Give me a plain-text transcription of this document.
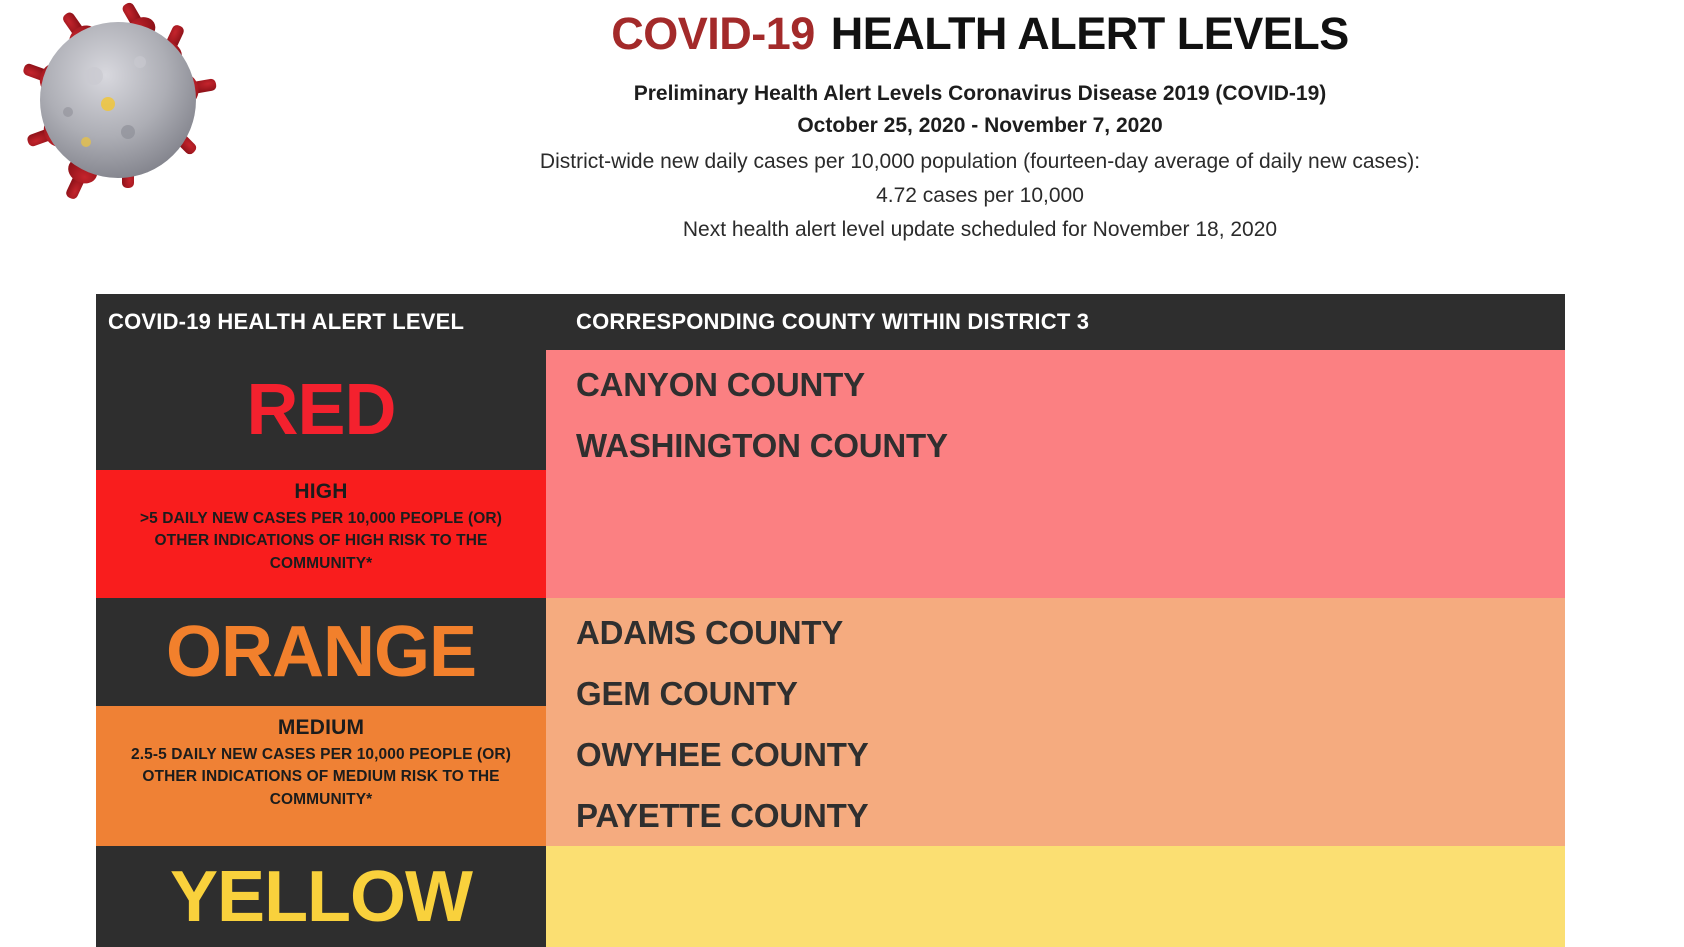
COVID-19 HEALTH ALERT LEVELS
Preliminary Health Alert Levels Coronavirus Disease 2019 (COVID-19)
October 25, 2020 - November 7, 2020
District-wide new daily cases per 10,000 population (fourteen-day average of daily new cases):
4.72 cases per 10,000
Next health alert level update scheduled for November 18, 2020
COVID-19 HEALTH ALERT LEVEL	CORRESPONDING COUNTY WITHIN DISTRICT 3
RED
HIGH
>5 DAILY NEW CASES PER 10,000 PEOPLE (OR) OTHER INDICATIONS OF HIGH RISK TO THE COMMUNITY*
CANYON COUNTY
WASHINGTON COUNTY
ORANGE
MEDIUM
2.5-5 DAILY NEW CASES PER 10,000 PEOPLE (OR) OTHER INDICATIONS OF MEDIUM RISK TO THE COMMUNITY*
ADAMS COUNTY
GEM COUNTY
OWYHEE COUNTY
PAYETTE COUNTY
YELLOW
